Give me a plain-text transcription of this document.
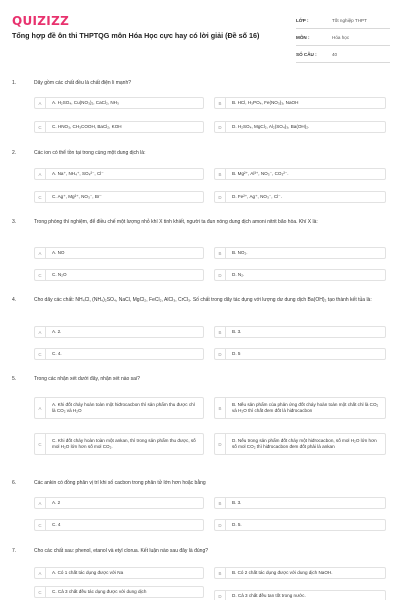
QUIZIZZ
Tổng hợp đề ôn thi THPTQG môn Hóa Học cực hay có lời giải (Đề số 16)
LỚP :	Tốt nghiệp THPT
MÔN :	Hóa học
SỐ CÂU :	40
1.	Dãy gồm các chất đều là chất điện li mạnh?
A	A. H₂SO₄, Cu(NO₃)₂, CaCl₂, NH₃	B	B. HCl, H₃PO₄, Fe(NO₃)₃, NaOH
C	C. HNO₃, CH₃COOH, BaCl₂, KOH	D	D. H₂SO₄, MgCl₂, Al₂(SO₄)₃, Ba(OH)₂.
2.	Các ion có thể tồn tại trong cùng một dung dịch là:
A	A. Na⁺, NH₄⁺, SO₄²⁻, Cl⁻	B	B. Mg²⁺, Al³⁺, NO₃⁻, CO₃²⁻.
C	C. Ag⁺, Mg²⁺, NO₃⁻, Br⁻	D	D. Fe²⁺, Ag⁺, NO₃⁻, Cl⁻.
3.	Trong phòng thí nghiệm, để điều chế một lượng nhỏ khí X tinh khiết, người ta đun nóng dung dịch amoni nitrit bão hòa. Khí X là:
A	A. NO	B	B. NO₂.
C	C. N₂O	D	D. N₂.
4.	Cho dãy các chất: NH₄Cl, (NH₄)₂SO₄, NaCl, MgCl₂, FeCl₂, AlCl₃, CrCl₃. Số chất trong dãy tác dụng với lượng dư dung dịch Ba(OH)₂ tạo thành kết tủa là:
A	A. 2.	B	B. 3.
C	C. 4.	D	D. 5
5.	Trong các nhận xét dưới đây, nhận xét nào sai?
A
A. Khi đốt cháy hoàn toàn một hiđrocacbon thì sản phẩm thu được chỉ là CO₂ và H₂O	B
B. Nếu sản phẩm của phản ứng đốt cháy hoàn toàn một chất chỉ là CO₂ và H₂O thì chất đem đốt là hiđrocacbon
C
C. Khi đốt cháy hoàn toàn một ankan, thì trong sản phẩm thu được, số mol H₂O lớn hơn số mol CO₂.	D
D. Nếu trong sản phẩm đốt cháy một hiđrocacbon, số mol H₂O lớn hơn số mol CO₂ thì hiđrocacbon đem đốt phải là ankan
6.	Các ankin có đồng phân vị trí khi số cacbon trong phân tử lớn hơn hoặc bằng
A	A. 2	B	B. 3.
C	C. 4	D	D. 5.
7.	Cho các chất sau: phenol, etanol và etyl clorua. Kết luận nào sau đây là đúng?
A	A. Có 1 chất tác dụng được với Na	B	B. Có 2 chất tác dụng được với dung dịch NaOH.
C	C. Cả 3 chất đều tác dụng được với dung dịch
D	D. Cả 3 chất đều tan tốt trong nước.
